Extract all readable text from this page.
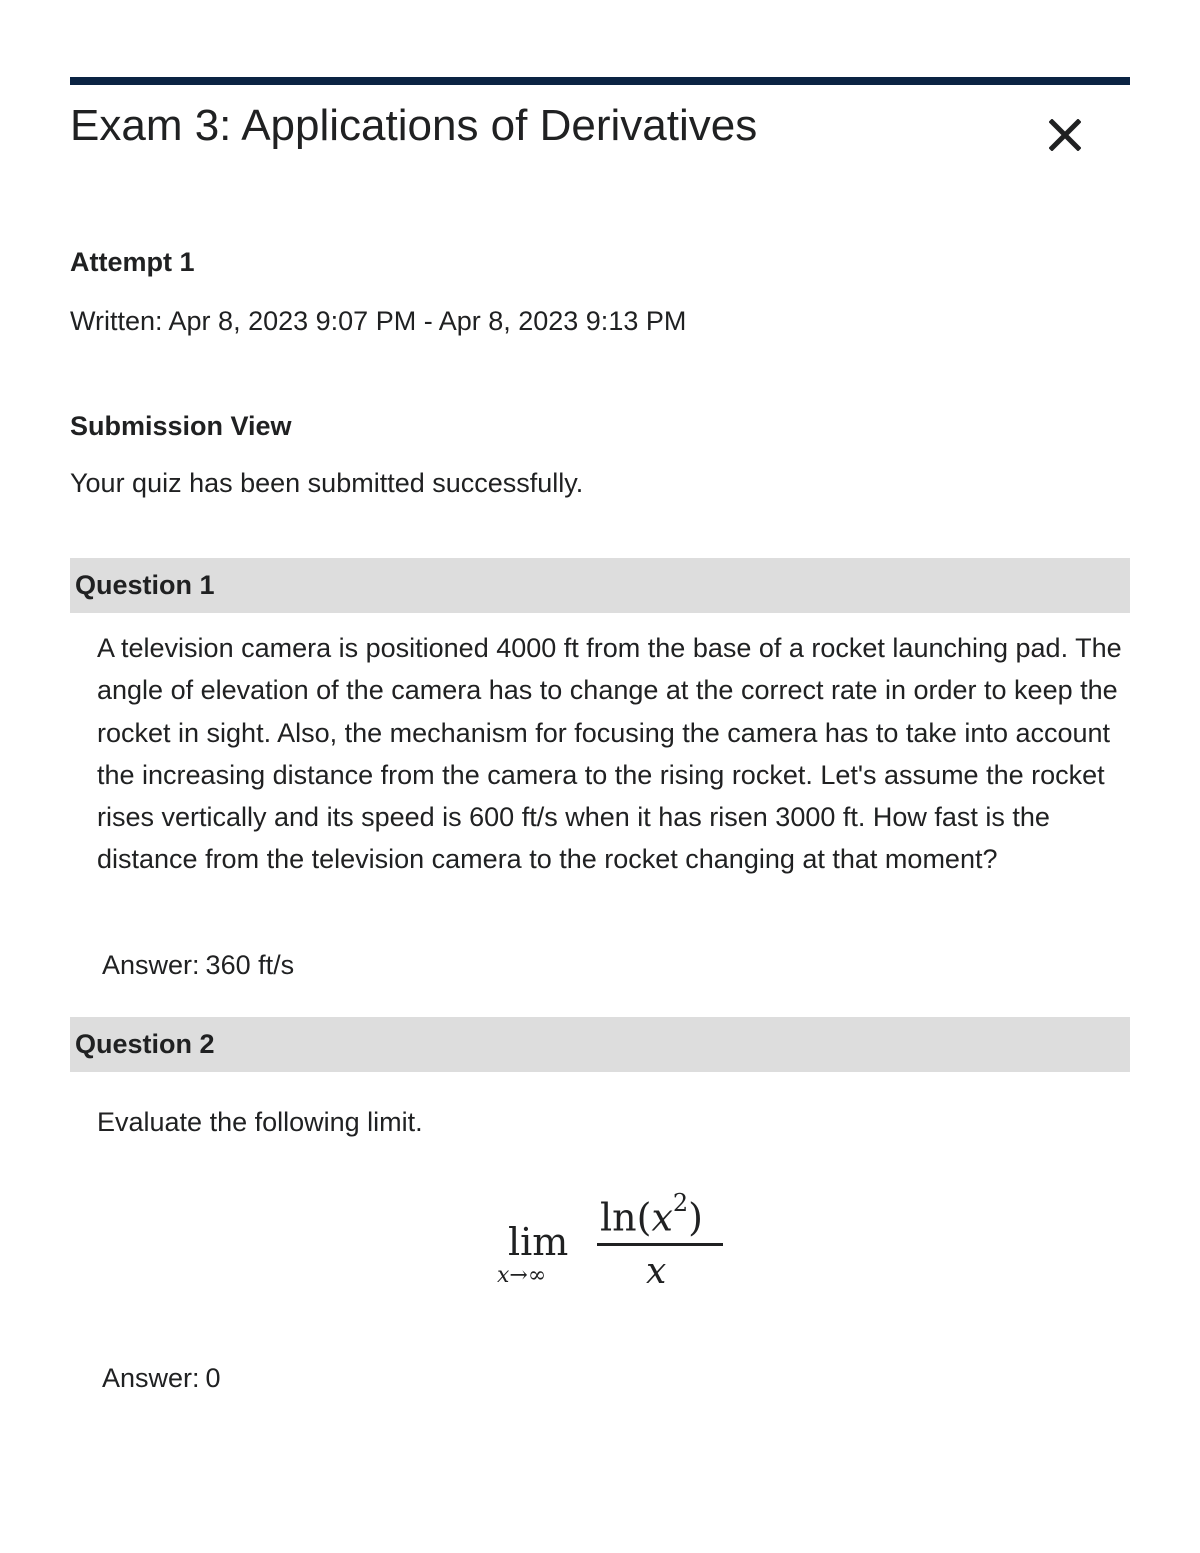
Exam 3: Applications of Derivatives
Attempt 1

Written: Apr 8, 2023 9:07 PM - Apr 8, 2023 9:13 PM

Submission View

Your quiz has been submitted successfully.

Question 1

A television camera is positioned 4000 ft from the base of a rocket launching pad. The angle of elevation of the camera has to change at the correct rate in order to keep the rocket in sight. Also, the mechanism for focusing the camera has to take into account the increasing distance from the camera to the rising rocket. Let's assume the rocket rises vertically and its speed is 600 ft/s when it has risen 3000 ft. How fast is the distance from the television camera to the rocket changing at that moment?

Answer: 360 ft/s

Question 2

Evaluate the following limit.

lim
x→∞
$\ln(x^2)$
x

Answer: 0
